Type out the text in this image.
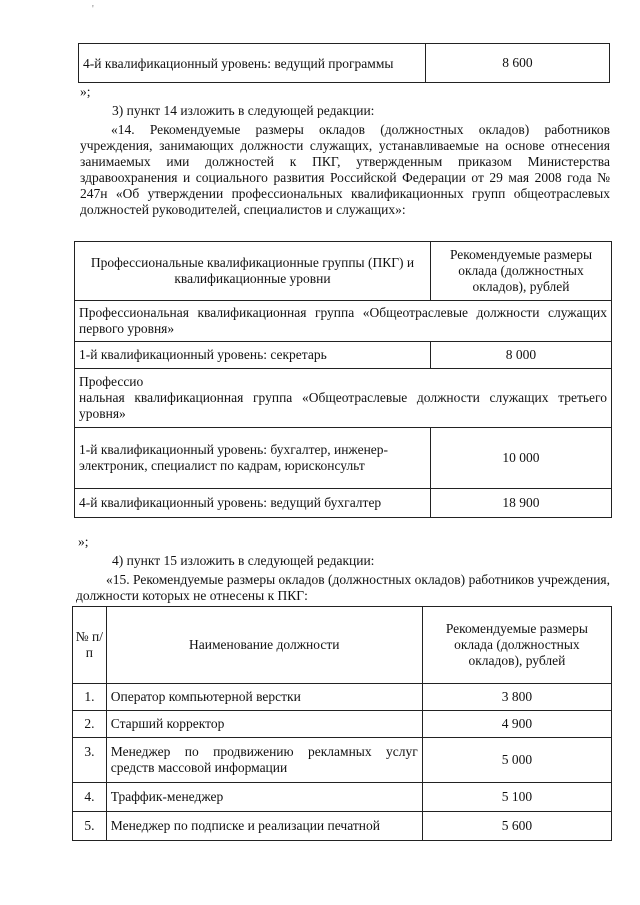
'
4-й квалификационный уровень: ведущий программы	8 600

»;

3) пункт 14 изложить в следующей редакции:

«14. Рекомендуемые размеры окладов (должностных окладов) работников учреждения, занимающих должности служащих, устанавливаемые на основе отнесения занимаемых ими должностей к ПКГ, утвержденным приказом Министерства здравоохранения и социального развития Российской Федерации от 29 мая 2008 года № 247н «Об утверждении профессиональных квалификационных групп общеотраслевых должностей руководителей, специалистов и служащих»:

Профессиональные квалификационные группы (ПКГ) и квалификационные уровни	Рекомендуемые размеры оклада (должностных окладов), рублей
Профессиональная квалификационная группа «Общеотраслевые должности служащих первого уровня»	
1-й квалификационный уровень: секретарь	8 000

Профессио
нальная квалификационная группа «Общеотраслевые должности служащих третьего уровня»	

1-й квалификационный уровень: бухгалтер, инженер-электроник, специалист по кадрам, юрисконсульт	10 000
4-й квалификационный уровень: ведущий бухгалтер	18 900

»;

4) пункт 15 изложить в следующей редакции:

«15. Рекомендуемые размеры окладов (должностных окладов) работников учреждения, должности которых не отнесены к ПКГ:

№ п/п	Наименование должности	Рекомендуемые размеры оклада (должностных окладов), рублей
1.	Оператор компьютерной верстки	3 800
2.	Старший корректор	4 900
3.	Менеджер по продвижению рекламных услуг средств массовой информации	5 000
4.	Траффик-менеджер	5 100
5.	Менеджер по подписке и реализации печатной	5 600
